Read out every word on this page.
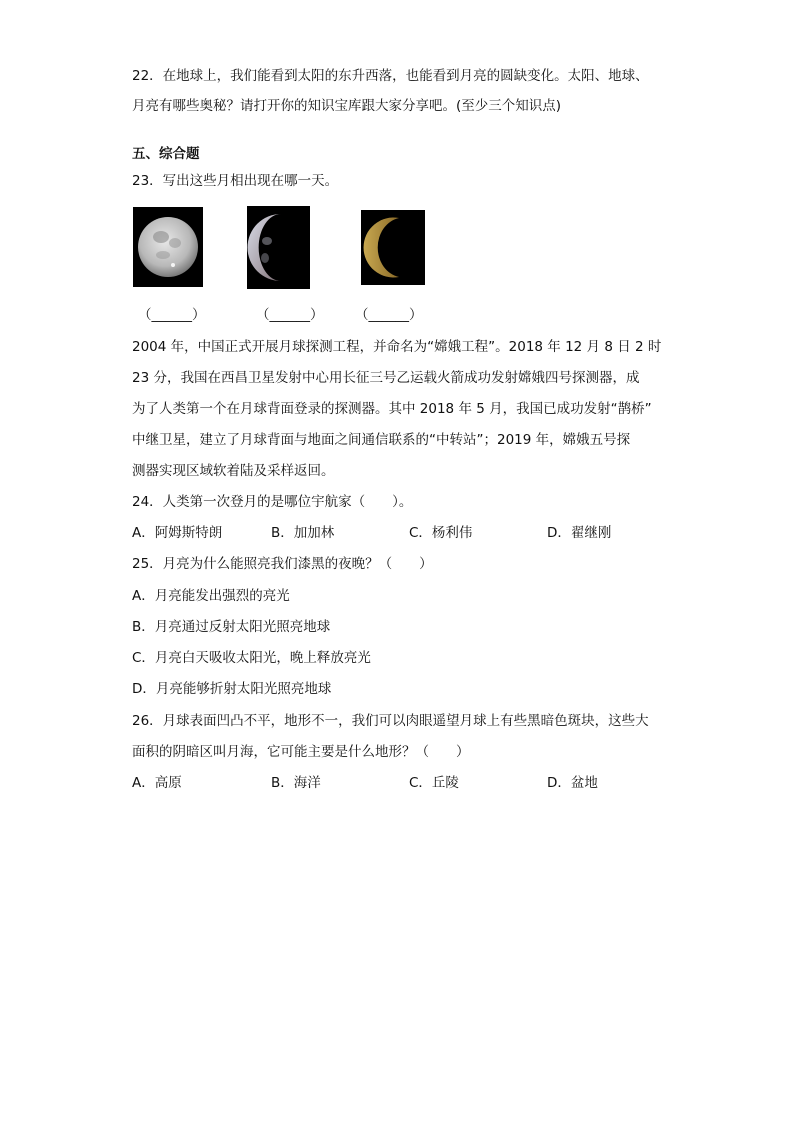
22．在地球上，我们能看到太阳的东升西落，也能看到月亮的圆缺变化。太阳、地球、
月亮有哪些奥秘？请打开你的知识宝库跟大家分享吧。(至少三个知识点)
五、综合题
23．写出这些月相出现在哪一天。
（______）	（______） （______）
2004 年，中国正式开展月球探测工程，并命名为“嫦娥工程”。2018 年 12 月 8 日 2 时
23 分，我国在西昌卫星发射中心用长征三号乙运载火箭成功发射嫦娥四号探测器，成
为了人类第一个在月球背面登录的探测器。其中 2018 年 5 月，我国已成功发射“鹊桥”
中继卫星，建立了月球背面与地面之间通信联系的“中转站”；2019 年，嫦娥五号探
测器实现区域软着陆及采样返回。
24．人类第一次登月的是哪位宇航家（　　）。
A．阿姆斯特朗	B．加加林	C．杨利伟	D．翟继刚
25．月亮为什么能照亮我们漆黑的夜晚？（　　）
A．月亮能发出强烈的亮光
B．月亮通过反射太阳光照亮地球
C．月亮白天吸收太阳光，晚上释放亮光
D．月亮能够折射太阳光照亮地球
26．月球表面凹凸不平，地形不一，我们可以肉眼遥望月球上有些黑暗色斑块，这些大
面积的阴暗区叫月海，它可能主要是什么地形？（　　）
A．高原	B．海洋	C．丘陵	D．盆地
